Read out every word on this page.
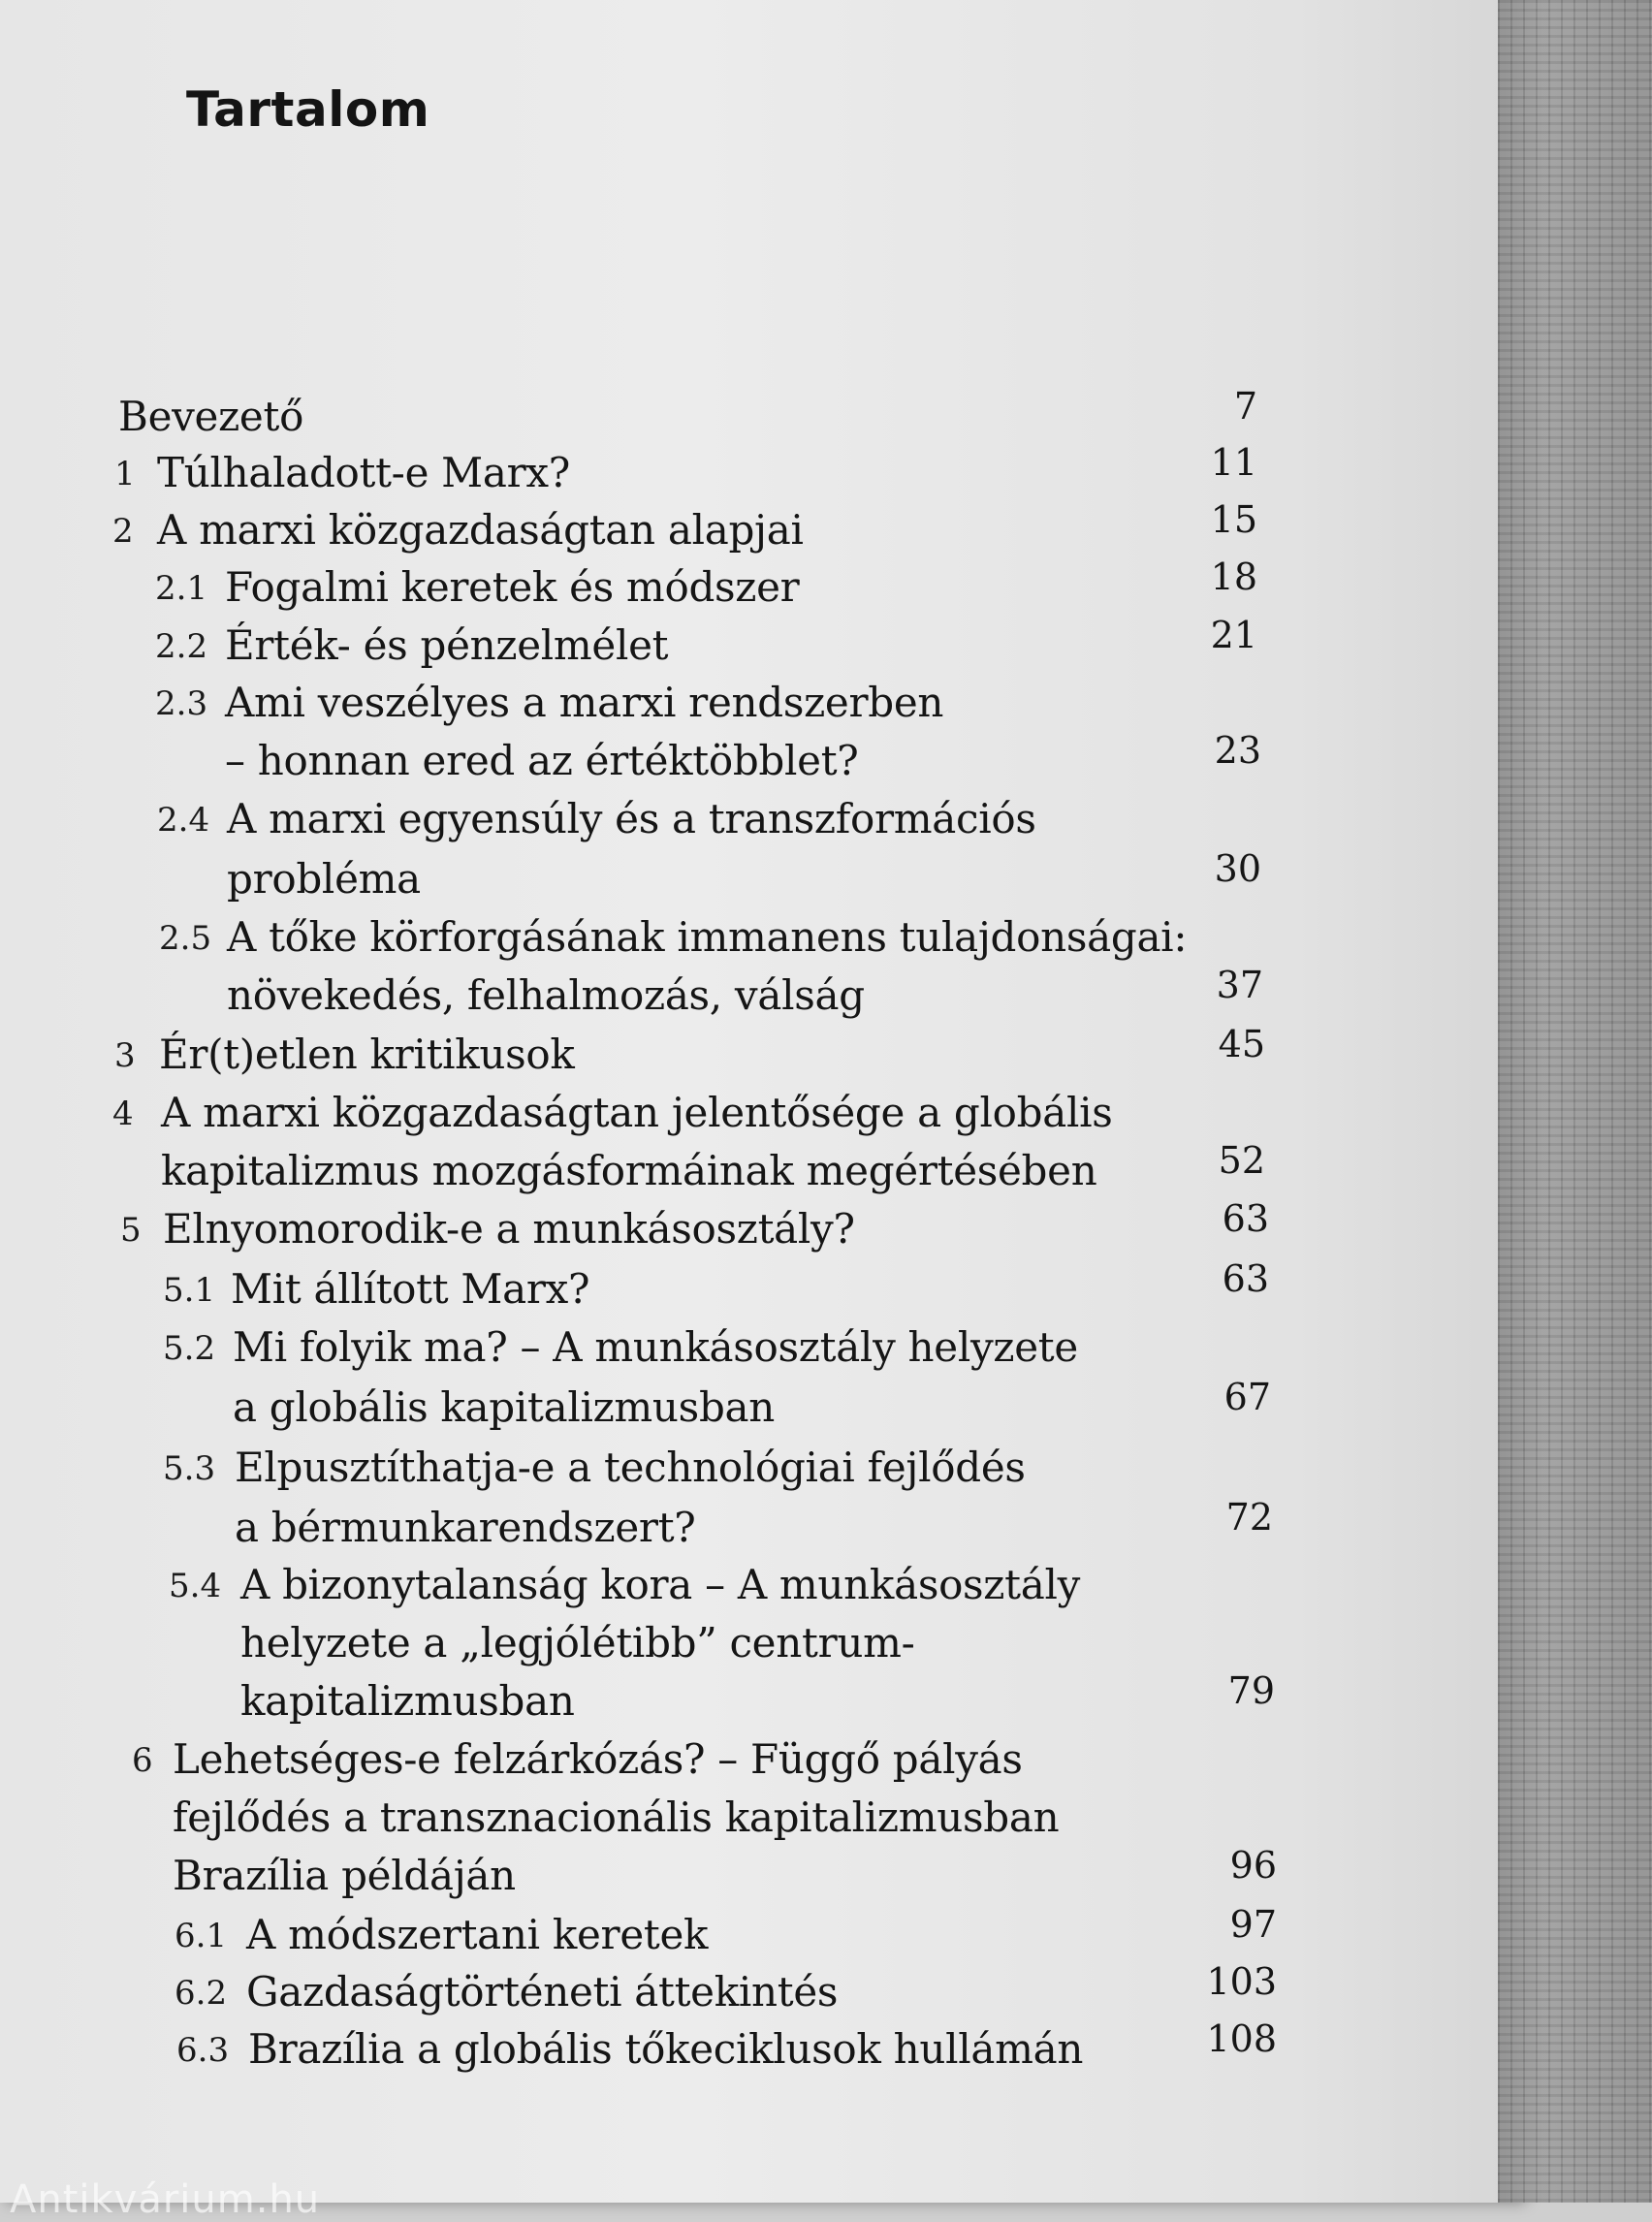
Tartalom
Bevezető	7
1 Túlhaladott-e Marx?	11
2 A marxi közgazdaságtan alapjai	15
2.1 Fogalmi keretek és módszer	18
2.2 Érték- és pénzelmélet	21
2.3 Ami veszélyes a marxi rendszerben
– honnan ered az értéktöbblet?	23
2.4 A marxi egyensúly és a transzformációs
probléma	30
2.5 A tőke körforgásának immanens tulajdonságai:
növekedés, felhalmozás, válság	37
3 Ér(t)etlen kritikusok	45
4 A marxi közgazdaságtan jelentősége a globális
kapitalizmus mozgásformáinak megértésében	52
5 Elnyomorodik-e a munkásosztály?	63
5.1 Mit állított Marx?	63
5.2 Mi folyik ma? – A munkásosztály helyzete
a globális kapitalizmusban	67
5.3 Elpusztíthatja-e a technológiai fejlődés
a bérmunkarendszert?	72
5.4 A bizonytalanság kora – A munkásosztály
helyzete a „legjólétibb” centrum-
kapitalizmusban	79
6 Lehetséges-e felzárkózás? – Függő pályás
fejlődés a transznacionális kapitalizmusban
Brazília példáján	96
6.1 A módszertani keretek	97
6.2 Gazdaságtörténeti áttekintés	103
6.3 Brazília a globális tőkeciklusok hullámán	108
Antikvárium.hu
